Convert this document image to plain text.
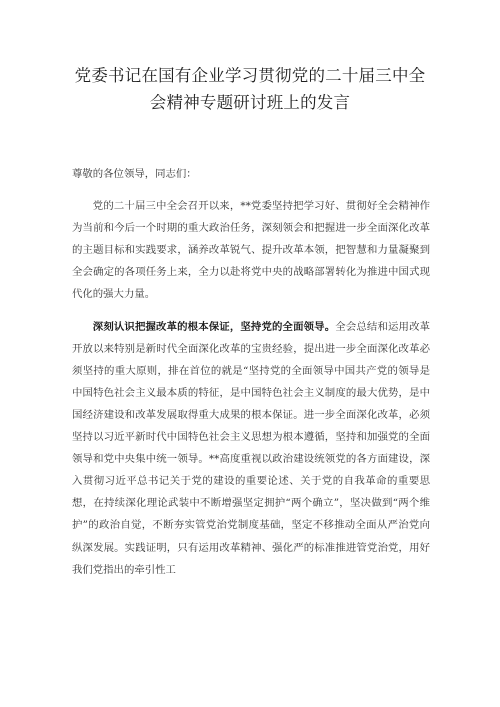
党委书记在国有企业学习贯彻党的二十届三中全会精神专题研讨班上的发言

尊敬的各位领导，同志们：

党的二十届三中全会召开以来，**党委坚持把学习好、贯彻好全会精神作为当前和今后一个时期的重大政治任务，深刻领会和把握进一步全面深化改革的主题目标和实践要求，涵养改革锐气、提升改革本领，把智慧和力量凝聚到全会确定的各项任务上来，全力以赴将党中央的战略部署转化为推进中国式现代化的强大力量。

深刻认识把握改革的根本保证，坚持党的全面领导。全会总结和运用改革开放以来特别是新时代全面深化改革的宝贵经验，提出进一步全面深化改革必须坚持的重大原则，排在首位的就是“坚持党的全面领导中国共产党的领导是中国特色社会主义最本质的特征，是中国特色社会主义制度的最大优势，是中国经济建设和改革发展取得重大成果的根本保证。进一步全面深化改革，必须坚持以习近平新时代中国特色社会主义思想为根本遵循，坚持和加强党的全面领导和党中央集中统一领导。**高度重视以政治建设统领党的各方面建设，深入贯彻习近平总书记关于党的建设的重要论述、关于党的自我革命的重要思想，在持续深化理论武装中不断增强坚定拥护“两个确立”，坚决做到“两个维护”的政治自觉，不断夯实管党治党制度基础，坚定不移推动全面从严治党向纵深发展。实践证明，只有运用改革精神、强化严的标准推进管党治党，用好我们党指出的牵引性工
